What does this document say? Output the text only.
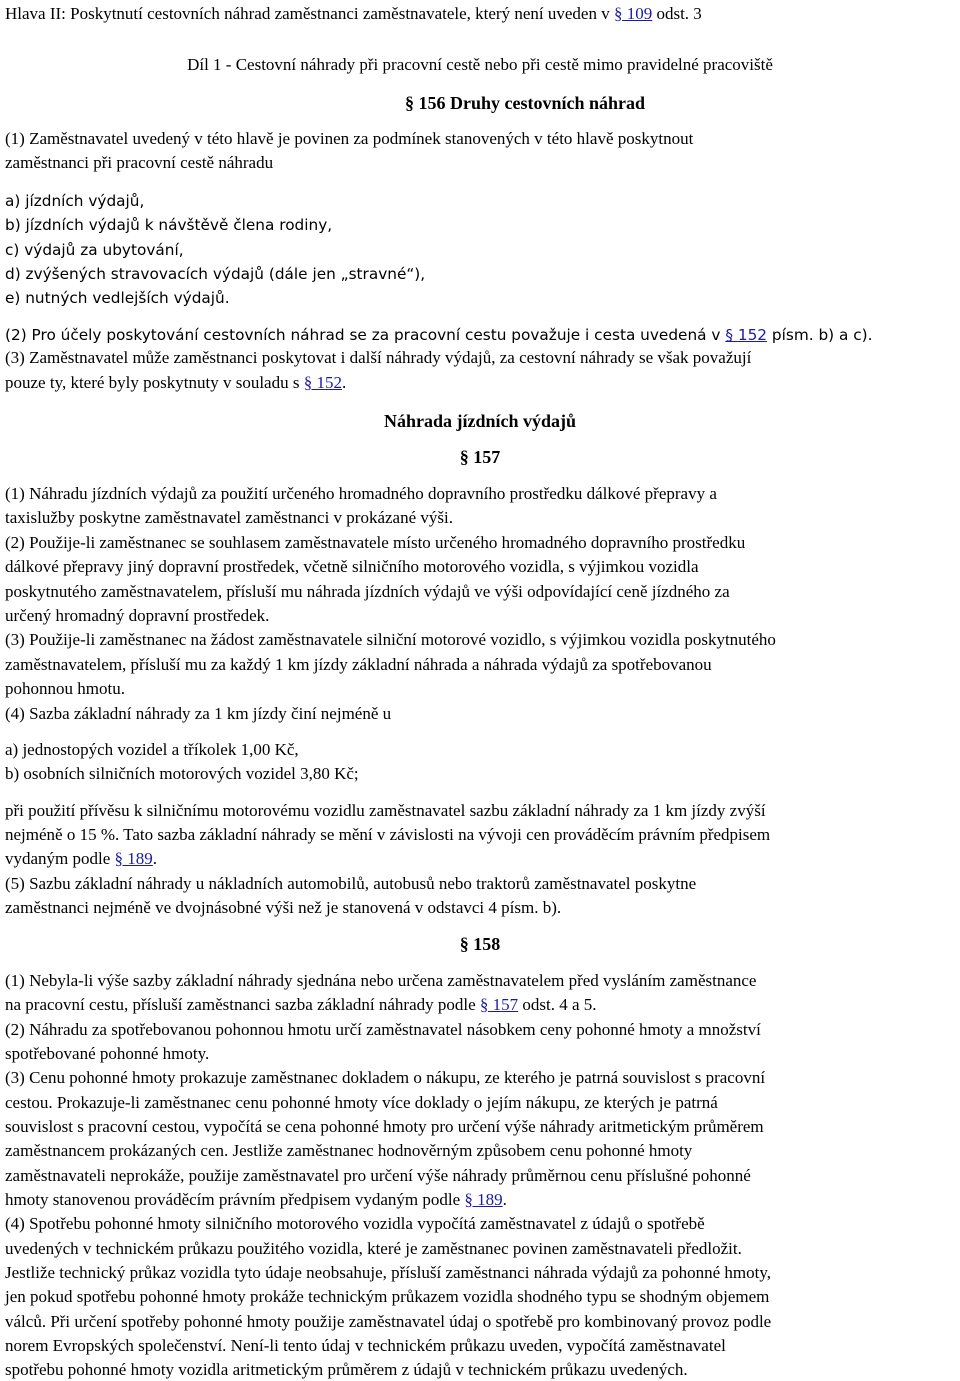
Hlava II: Poskytnutí cestovních náhrad zaměstnanci zaměstnavatele, který není uveden v § 109 odst. 3
Díl 1 - Cestovní náhrady při pracovní cestě nebo při cestě mimo pravidelné pracoviště
§ 156 Druhy cestovních náhrad
(1) Zaměstnavatel uvedený v této hlavě je povinen za podmínek stanovených v této hlavě poskytnout
zaměstnanci při pracovní cestě náhradu
a) jízdních výdajů,
b) jízdních výdajů k návštěvě člena rodiny,
c) výdajů za ubytování,
d) zvýšených stravovacích výdajů (dále jen „stravné“),
e) nutných vedlejších výdajů.
(2) Pro účely poskytování cestovních náhrad se za pracovní cestu považuje i cesta uvedená v § 152 písm. b) a c).
(3) Zaměstnavatel může zaměstnanci poskytovat i další náhrady výdajů, za cestovní náhrady se však považují
pouze ty, které byly poskytnuty v souladu s § 152.
Náhrada jízdních výdajů
§ 157
(1) Náhradu jízdních výdajů za použití určeného hromadného dopravního prostředku dálkové přepravy a
taxislužby poskytne zaměstnavatel zaměstnanci v prokázané výši.
(2) Použije-li zaměstnanec se souhlasem zaměstnavatele místo určeného hromadného dopravního prostředku
dálkové přepravy jiný dopravní prostředek, včetně silničního motorového vozidla, s výjimkou vozidla
poskytnutého zaměstnavatelem, přísluší mu náhrada jízdních výdajů ve výši odpovídající ceně jízdného za
určený hromadný dopravní prostředek.
(3) Použije-li zaměstnanec na žádost zaměstnavatele silniční motorové vozidlo, s výjimkou vozidla poskytnutého
zaměstnavatelem, přísluší mu za každý 1 km jízdy základní náhrada a náhrada výdajů za spotřebovanou
pohonnou hmotu.
(4) Sazba základní náhrady za 1 km jízdy činí nejméně u
a) jednostopých vozidel a tříkolek 1,00 Kč,
b) osobních silničních motorových vozidel 3,80 Kč;
při použití přívěsu k silničnímu motorovému vozidlu zaměstnavatel sazbu základní náhrady za 1 km jízdy zvýší
nejméně o 15 %. Tato sazba základní náhrady se mění v závislosti na vývoji cen prováděcím právním předpisem
vydaným podle § 189.
(5) Sazbu základní náhrady u nákladních automobilů, autobusů nebo traktorů zaměstnavatel poskytne
zaměstnanci nejméně ve dvojnásobné výši než je stanovená v odstavci 4 písm. b).
§ 158
(1) Nebyla-li výše sazby základní náhrady sjednána nebo určena zaměstnavatelem před vysláním zaměstnance
na pracovní cestu, přísluší zaměstnanci sazba základní náhrady podle § 157 odst. 4 a 5.
(2) Náhradu za spotřebovanou pohonnou hmotu určí zaměstnavatel násobkem ceny pohonné hmoty a množství
spotřebované pohonné hmoty.
(3) Cenu pohonné hmoty prokazuje zaměstnanec dokladem o nákupu, ze kterého je patrná souvislost s pracovní
cestou. Prokazuje-li zaměstnanec cenu pohonné hmoty více doklady o jejím nákupu, ze kterých je patrná
souvislost s pracovní cestou, vypočítá se cena pohonné hmoty pro určení výše náhrady aritmetickým průměrem
zaměstnancem prokázaných cen. Jestliže zaměstnanec hodnověrným způsobem cenu pohonné hmoty
zaměstnavateli neprokáže, použije zaměstnavatel pro určení výše náhrady průměrnou cenu příslušné pohonné
hmoty stanovenou prováděcím právním předpisem vydaným podle § 189.
(4) Spotřebu pohonné hmoty silničního motorového vozidla vypočítá zaměstnavatel z údajů o spotřebě
uvedených v technickém průkazu použitého vozidla, které je zaměstnanec povinen zaměstnavateli předložit.
Jestliže technický průkaz vozidla tyto údaje neobsahuje, přísluší zaměstnanci náhrada výdajů za pohonné hmoty,
jen pokud spotřebu pohonné hmoty prokáže technickým průkazem vozidla shodného typu se shodným objemem
válců. Při určení spotřeby pohonné hmoty použije zaměstnavatel údaj o spotřebě pro kombinovaný provoz podle
norem Evropských společenství. Není-li tento údaj v technickém průkazu uveden, vypočítá zaměstnavatel
spotřebu pohonné hmoty vozidla aritmetickým průměrem z údajů v technickém průkazu uvedených.
